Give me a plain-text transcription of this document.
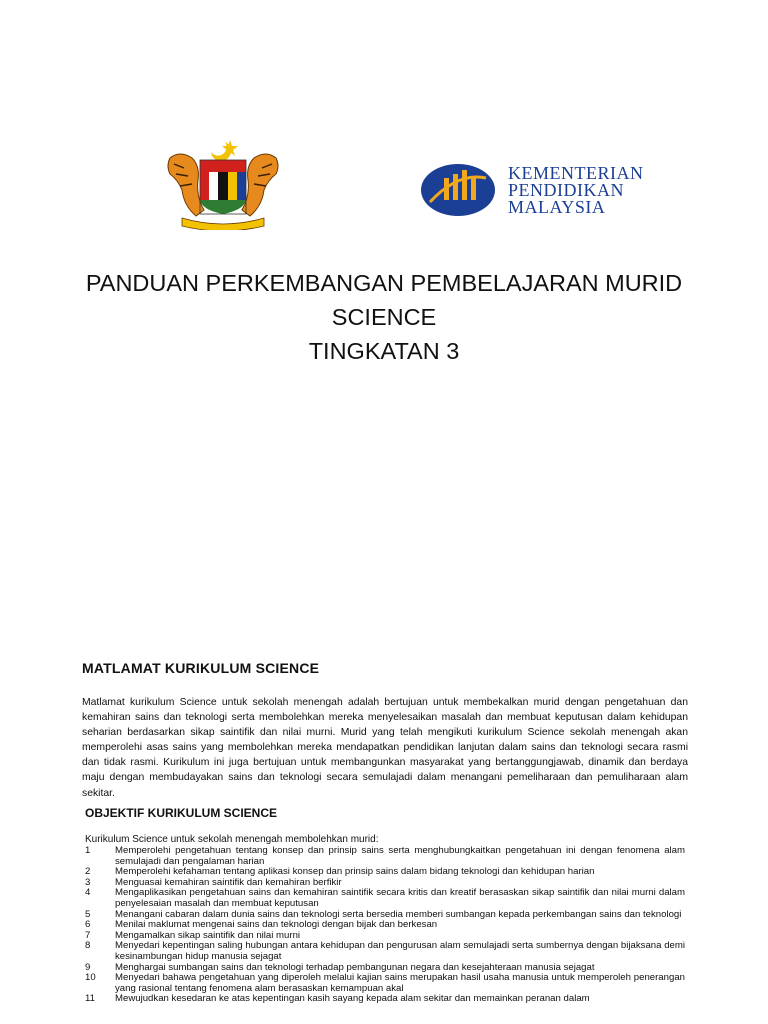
KEMENTERIAN
PENDIDIKAN
MALAYSIA
PANDUAN PERKEMBANGAN PEMBELAJARAN MURID
SCIENCE
TINGKATAN 3
MATLAMAT KURIKULUM SCIENCE
Matlamat kurikulum Science untuk sekolah menengah adalah bertujuan untuk membekalkan murid dengan pengetahuan dan kemahiran sains dan teknologi serta membolehkan mereka menyelesaikan masalah dan membuat keputusan dalam kehidupan seharian berdasarkan sikap saintifik dan nilai murni. Murid yang telah mengikuti kurikulum Science sekolah menengah akan memperolehi asas sains yang membolehkan mereka mendapatkan pendidikan lanjutan dalam sains dan teknologi secara rasmi dan tidak rasmi. Kurikulum ini juga bertujuan untuk membangunkan masyarakat yang bertanggungjawab, dinamik dan berdaya maju dengan membudayakan sains dan teknologi secara semulajadi dalam menangani pemeliharaan dan pemuliharaan alam sekitar.
OBJEKTIF KURIKULUM SCIENCE
Kurikulum Science untuk sekolah menengah membolehkan murid:
1	Memperolehi pengetahuan tentang konsep dan prinsip sains serta menghubungkaitkan pengetahuan ini dengan fenomena alam semulajadi dan pengalaman harian
2	Memperolehi kefahaman tentang aplikasi konsep dan prinsip sains dalam bidang teknologi dan kehidupan harian
3	Menguasai kemahiran saintifik dan kemahiran berfikir
4	Mengaplikasikan pengetahuan sains dan kemahiran saintifik secara kritis dan kreatif berasaskan sikap saintifik dan nilai murni dalam penyelesaian masalah dan membuat keputusan
5	Menangani cabaran dalam dunia sains dan teknologi serta bersedia memberi sumbangan kepada perkembangan sains dan teknologi
6	Menilai maklumat mengenai sains dan teknologi dengan bijak dan berkesan
7	Mengamalkan sikap saintifik dan nilai murni
8	Menyedari kepentingan saling hubungan antara kehidupan dan pengurusan alam semulajadi serta sumbernya dengan bijaksana demi kesinambungan hidup manusia sejagat
9	Menghargai sumbangan sains dan teknologi terhadap pembangunan negara dan kesejahteraan manusia sejagat
10	Menyedari bahawa pengetahuan yang diperoleh melalui kajian sains merupakan hasil usaha manusia untuk memperoleh penerangan yang rasional tentang fenomena alam berasaskan kemampuan akal
11	Mewujudkan kesedaran ke atas kepentingan kasih sayang kepada alam sekitar dan memainkan peranan dalam
